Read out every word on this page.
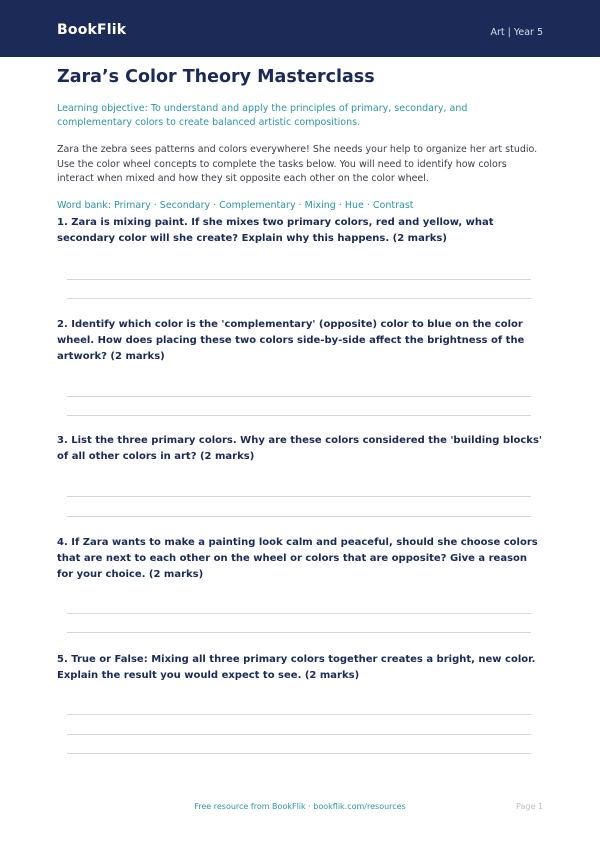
BookFlik	Art | Year 5
Zara’s Color Theory Masterclass
Learning objective: To understand and apply the principles of primary, secondary, and complementary colors to create balanced artistic compositions.
Zara the zebra sees patterns and colors everywhere! She needs your help to organize her art studio. Use the color wheel concepts to complete the tasks below. You will need to identify how colors interact when mixed and how they sit opposite each other on the color wheel.
Word bank: Primary · Secondary · Complementary · Mixing · Hue · Contrast
1. Zara is mixing paint. If she mixes two primary colors, red and yellow, what secondary color will she create? Explain why this happens. (2 marks)
2. Identify which color is the 'complementary' (opposite) color to blue on the color wheel. How does placing these two colors side-by-side affect the brightness of the artwork? (2 marks)
3. List the three primary colors. Why are these colors considered the 'building blocks' of all other colors in art? (2 marks)
4. If Zara wants to make a painting look calm and peaceful, should she choose colors that are next to each other on the wheel or colors that are opposite? Give a reason for your choice. (2 marks)
5. True or False: Mixing all three primary colors together creates a bright, new color. Explain the result you would expect to see. (2 marks)
Free resource from BookFlik · bookflik.com/resources	Page 1
